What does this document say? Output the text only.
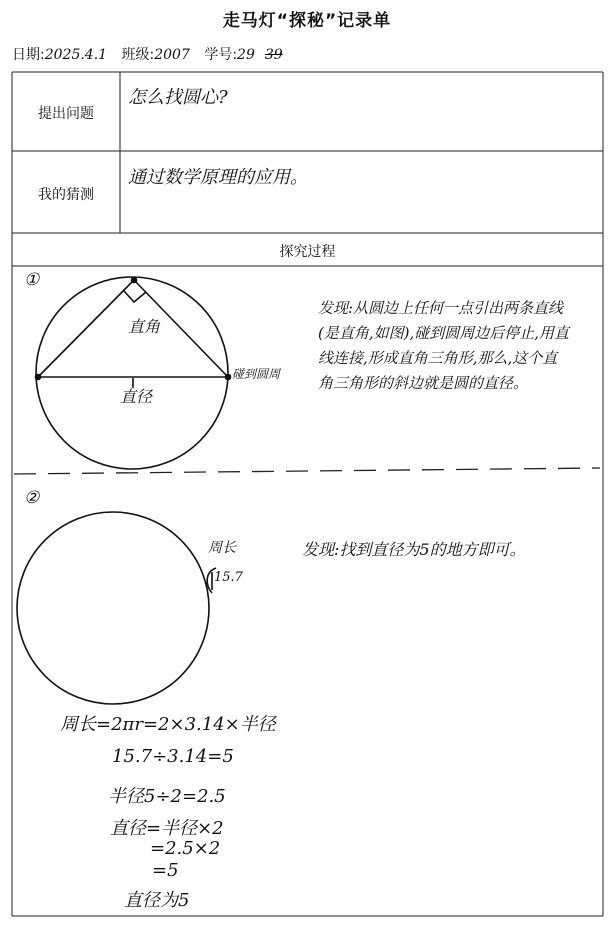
走马灯“探秘”记录单
日期:2025.4.1 班级:2007 学号:29 39
提出问题
怎么找圆心?
我的猜测
通过数学原理的应用。
探究过程
①
直角
直径
碰到圆周
发现:从圆边上任何一点引出两条直线
(是直角,如图),碰到圆周边后停止,用直
线连接,形成直角三角形,那么,这个直
角三角形的斜边就是圆的直径。
②
周长
15.7
发现:找到直径为5的地方即可。
周长=2πr=2×3.14×半径
15.7÷3.14=5
半径5÷2=2.5
直径=半径×2
=2.5×2
=5
直径为5
